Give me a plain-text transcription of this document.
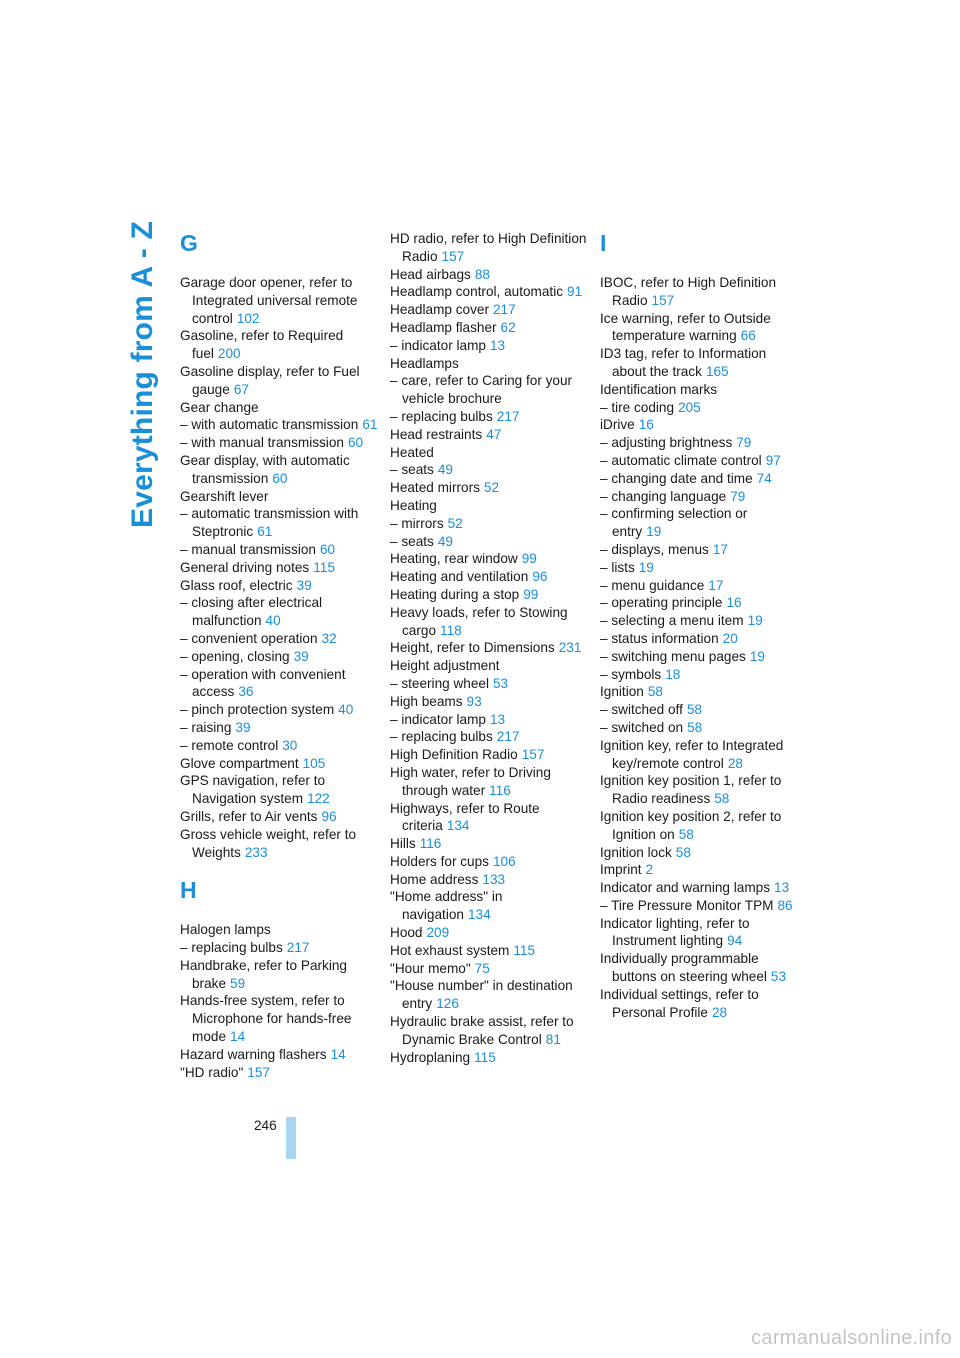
Everything from A - Z G

Garage door opener, refer to Integrated universal remote control 102

Gasoline, refer to Required fuel 200

Gasoline display, refer to Fuel gauge 67

Gear change

– with automatic transmission 61

– with manual transmission 60

Gear display, with automatic transmission 60

Gearshift lever

– automatic transmission with Steptronic 61

– manual transmission 60

General driving notes 115

Glass roof, electric 39

– closing after electrical malfunction 40

– convenient operation 32

– opening, closing 39

– operation with convenient access 36

– pinch protection system 40

– raising 39

– remote control 30

Glove compartment 105

GPS navigation, refer to Navigation system 122

Grills, refer to Air vents 96

Gross vehicle weight, refer to Weights 233

H

Halogen lamps

– replacing bulbs 217

Handbrake, refer to Parking brake 59

Hands-free system, refer to Microphone for hands-free mode 14

Hazard warning flashers 14

"HD radio" 157

HD radio, refer to High Definition Radio 157

Head airbags 88

Headlamp control, automatic 91

Headlamp cover 217

Headlamp flasher 62

– indicator lamp 13

Headlamps

– care, refer to Caring for your vehicle brochure

– replacing bulbs 217

Head restraints 47

Heated

– seats 49

Heated mirrors 52

Heating

– mirrors 52

– seats 49

Heating, rear window 99

Heating and ventilation 96

Heating during a stop 99

Heavy loads, refer to Stowing cargo 118

Height, refer to Dimensions 231

Height adjustment

– steering wheel 53

High beams 93

– indicator lamp 13

– replacing bulbs 217

High Definition Radio 157

High water, refer to Driving through water 116

Highways, refer to Route criteria 134

Hills 116

Holders for cups 106

Home address 133

"Home address" in navigation 134

Hood 209

Hot exhaust system 115

"Hour memo" 75

"House number" in destination entry 126

Hydraulic brake assist, refer to Dynamic Brake Control 81

Hydroplaning 115

I

IBOC, refer to High Definition Radio 157

Ice warning, refer to Outside temperature warning 66

ID3 tag, refer to Information about the track 165

Identification marks

– tire coding 205

iDrive 16

– adjusting brightness 79

– automatic climate control 97

– changing date and time 74

– changing language 79

– confirming selection or entry 19

– displays, menus 17

– lists 19

– menu guidance 17

– operating principle 16

– selecting a menu item 19

– status information 20

– switching menu pages 19

– symbols 18

Ignition 58

– switched off 58

– switched on 58

Ignition key, refer to Integrated key/remote control 28

Ignition key position 1, refer to Radio readiness 58

Ignition key position 2, refer to Ignition on 58

Ignition lock 58

Imprint 2

Indicator and warning lamps 13

– Tire Pressure Monitor TPM 86

Indicator lighting, refer to Instrument lighting 94

Individually programmable buttons on steering wheel 53

Individual settings, refer to Personal Profile 28

246
carmanualsonline.info
